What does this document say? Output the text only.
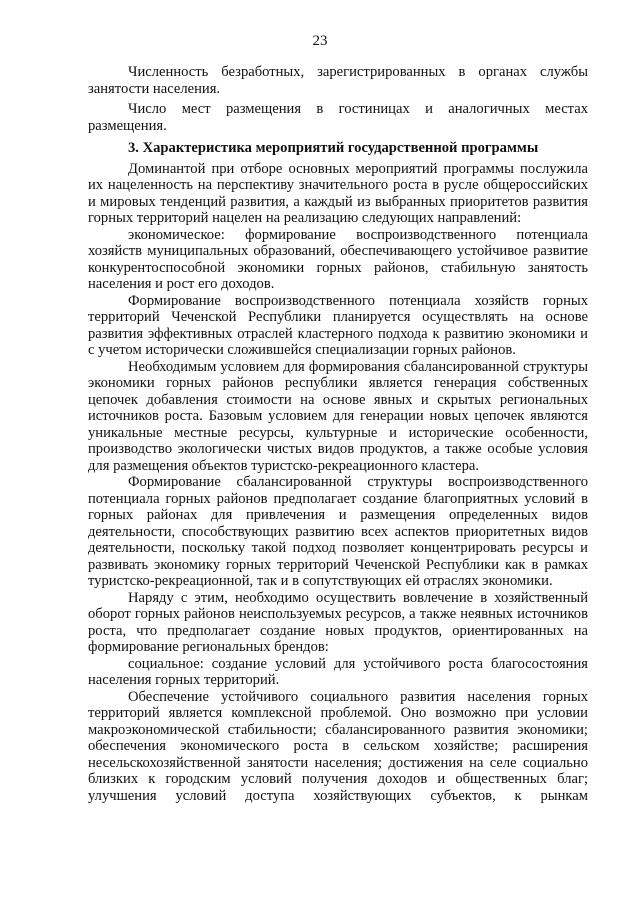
23

Численность безработных, зарегистрированных в органах службы занятости населения.

Число мест размещения в гостиницах и аналогичных местах размещения.

3. Характеристика мероприятий государственной программы

Доминантой при отборе основных мероприятий программы послужила их нацеленность на перспективу значительного роста в русле общероссийских и мировых тенденций развития, а каждый из выбранных приоритетов развития горных территорий нацелен на реализацию следующих направлений:

экономическое: формирование воспроизводственного потенциала хозяйств муниципальных образований, обеспечивающего устойчивое развитие конкурентоспособной экономики горных районов, стабильную занятость населения и рост его доходов.

Формирование воспроизводственного потенциала хозяйств горных территорий Чеченской Республики планируется осуществлять на основе развития эффективных отраслей кластерного подхода к развитию экономики и с учетом исторически сложившейся специализации горных районов.

Необходимым условием для формирования сбалансированной структуры экономики горных районов республики является генерация собственных цепочек добавления стоимости на основе явных и скрытых региональных источников роста. Базовым условием для генерации новых цепочек являются уникальные местные ресурсы, культурные и исторические особенности, производство экологически чистых видов продуктов, а также особые условия для размещения объектов туристско-рекреационного кластера.

Формирование сбалансированной структуры воспроизводственного потенциала горных районов предполагает создание благоприятных условий в горных районах для привлечения и размещения определенных видов деятельности, способствующих развитию всех аспектов приоритетных видов деятельности, поскольку такой подход позволяет концентрировать ресурсы и развивать экономику горных территорий Чеченской Республики как в рамках туристско-рекреационной, так и в сопутствующих ей отраслях экономики.

Наряду с этим, необходимо осуществить вовлечение в хозяйственный оборот горных районов неиспользуемых ресурсов, а также неявных источников роста, что предполагает создание новых продуктов, ориентированных на формирование региональных брендов:

социальное: создание условий для устойчивого роста благосостояния населения горных территорий.

Обеспечение устойчивого социального развития населения горных территорий является комплексной проблемой. Оно возможно при условии макроэкономической стабильности; сбалансированного развития экономики; обеспечения экономического роста в сельском хозяйстве; расширения несельскохозяйственной занятости населения; достижения на селе социально близких к городским условий получения доходов и общественных благ; улучшения условий доступа хозяйствующих субъектов, к рынкам
